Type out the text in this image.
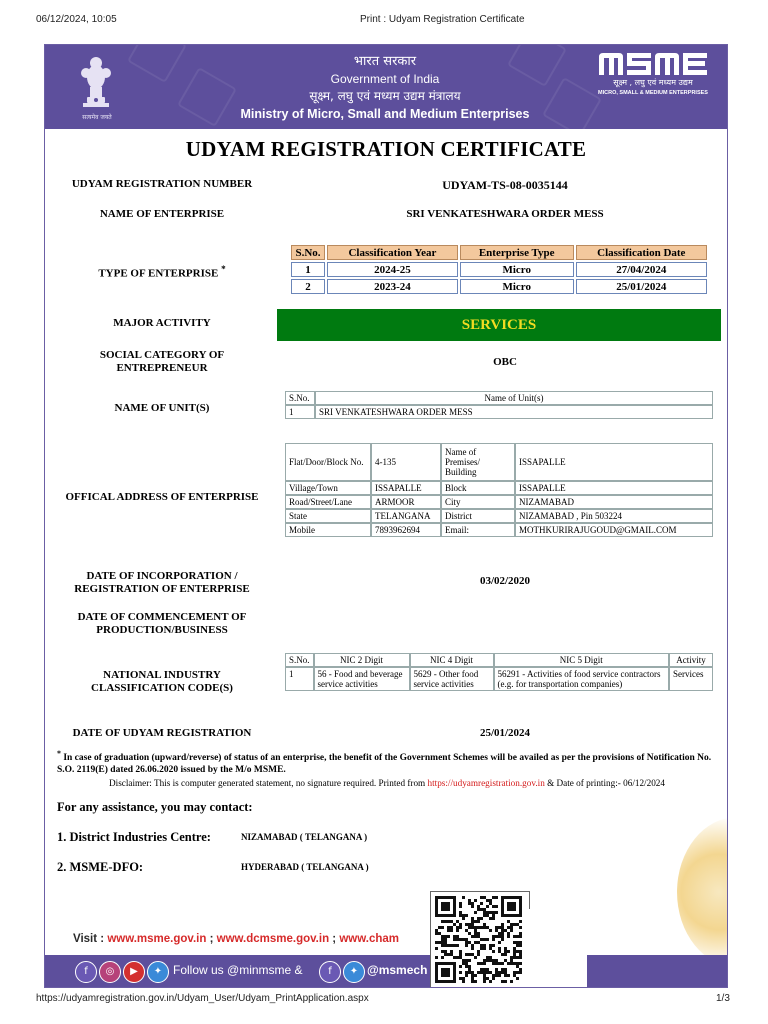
06/12/2024, 10:05	Print : Udyam Registration Certificate
सत्यमेव जयते
भारत सरकार
Government of India
सूक्ष्म, लघु एवं मध्यम उद्यम मंत्रालय
Ministry of Micro, Small and Medium Enterprises
सूक्ष्म , लघु एवं मध्यम उद्यम
MICRO, SMALL & MEDIUM ENTERPRISES
UDYAM REGISTRATION CERTIFICATE
UDYAM REGISTRATION NUMBER	UDYAM-TS-08-0035144
NAME OF ENTERPRISE	SRI VENKATESHWARA ORDER MESS
TYPE OF ENTERPRISE *
S.No.	Classification Year	Enterprise Type	Classification Date
1	2024-25	Micro	27/04/2024
2	2023-24	Micro	25/01/2024
MAJOR ACTIVITY	SERVICES
SOCIAL CATEGORY OF
ENTREPRENEUR	OBC
NAME OF UNIT(S)
S.No.	Name of Unit(s)
1	SRI VENKATESHWARA ORDER MESS
OFFICAL ADDRESS OF ENTERPRISE
Flat/Door/Block No.	4-135	Name of Premises/ Building	ISSAPALLE
Village/Town	ISSAPALLE	Block	ISSAPALLE
Road/Street/Lane	ARMOOR	City	NIZAMABAD
State	TELANGANA	District	NIZAMABAD , Pin 503224
Mobile	7893962694	Email:	MOTHKURIRAJUGOUD@GMAIL.COM
DATE OF INCORPORATION /
REGISTRATION OF ENTERPRISE
03/02/2020
DATE OF COMMENCEMENT OF
PRODUCTION/BUSINESS
NATIONAL INDUSTRY
CLASSIFICATION CODE(S)
S.No.	NIC 2 Digit	NIC 4 Digit	NIC 5 Digit	Activity
1	56 - Food and beverage service activities	5629 - Other food service activities	56291 - Activities of food service contractors (e.g. for transportation companies)	Services
DATE OF UDYAM REGISTRATION	25/01/2024
* In case of graduation (upward/reverse) of status of an enterprise, the benefit of the Government Schemes will be availed as per the provisions of Notification No. S.O. 2119(E) dated 26.06.2020 issued by the M/o MSME.
Disclaimer: This is computer generated statement, no signature required. Printed from https://udyamregistration.gov.in & Date of printing:- 06/12/2024
For any assistance, you may contact:
1. District Industries Centre:	NIZAMABAD ( TELANGANA )
2. MSME-DFO:	HYDERABAD ( TELANGANA )
Visit : www.msme.gov.in ; www.dcmsme.gov.in ; www.cham
f	◎	▶	✦ Follow us @minmsme &	f	✦ @msmech
https://udyamregistration.gov.in/Udyam_User/Udyam_PrintApplication.aspx	1/3
